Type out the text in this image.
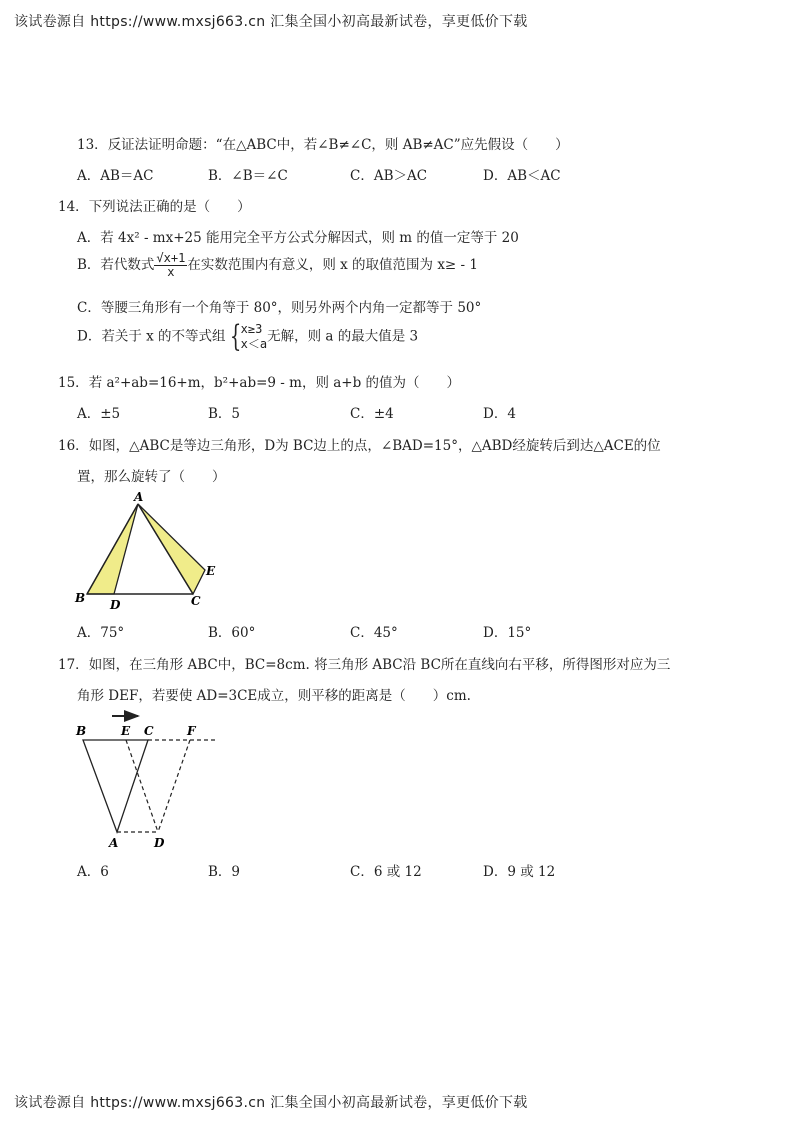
该试卷源自 https://www.mxsj663.cn 汇集全国小初高最新试卷，享更低价下载
13．反证法证明命题：“在△ABC中，若∠B≠∠C，则 AB≠AC”应先假设（　　）
A．AB＝AC	B．∠B＝∠C	C．AB＞AC	D．AB＜AC
14．下列说法正确的是（　　）
A．若 4x² - mx+25 能用完全平方公式分解因式，则 m 的值一定等于 20
B．若代数式 $\frac{√x+1}{x}$ 在实数范围内有意义，则 x 的取值范围为 x≥ - 1
C．等腰三角形有一个角等于 80°，则另外两个内角一定都等于 50°
D．若关于 x 的不等式组 { x≥3
x＜a 无解，则 a 的最大值是 3
15．若 a²+ab=16+m，b²+ab=9 - m，则 a+b 的值为（　　）
A．±5	B．5	C．±4	D．4
16．如图，△ABC是等边三角形，D为 BC边上的点，∠BAD=15°，△ABD经旋转后到达△ACE的位
置，那么旋转了（　　）
A
B D	C
E
A．75°	B．60°	C．45°	D．15°
17．如图，在三角形 ABC中，BC=8cm. 将三角形 ABC沿 BC所在直线向右平移，所得图形对应为三
角形 DEF，若要使 AD=3CE成立，则平移的距离是（　　）cm.
B	E C	F
A	D
A．6	B．9	C．6 或 12	D．9 或 12
该试卷源自 https://www.mxsj663.cn 汇集全国小初高最新试卷，享更低价下载
